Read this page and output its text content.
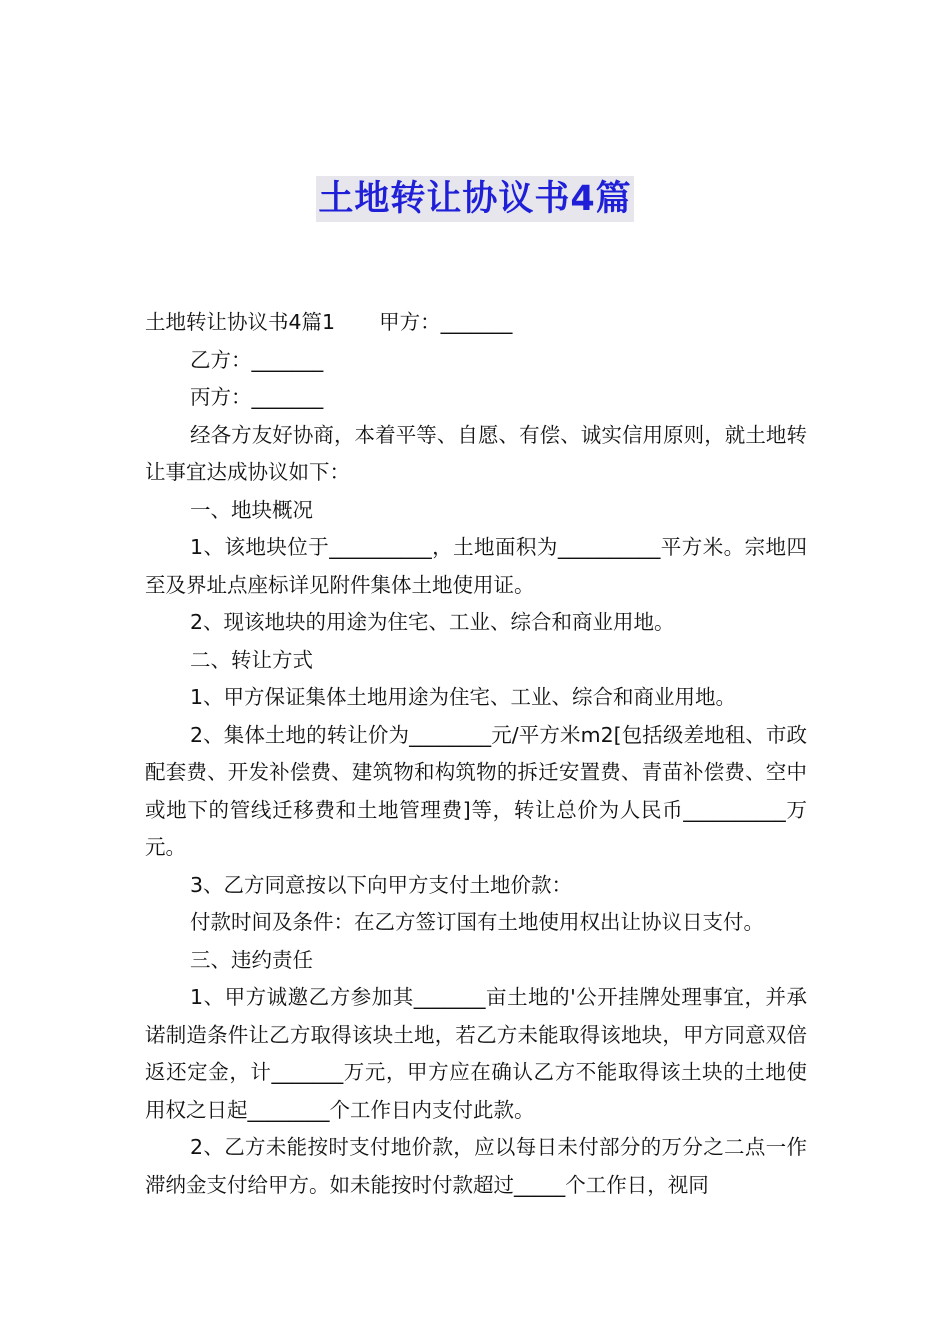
土地转让协议书4篇

土地转让协议书4篇1 甲方：_______

乙方：_______

丙方：_______

经各方友好协商，本着平等、自愿、有偿、诚实信用原则，就土地转让事宜达成协议如下：

一、地块概况

1、该地块位于__________，土地面积为__________平方米。宗地四至及界址点座标详见附件集体土地使用证。

2、现该地块的用途为住宅、工业、综合和商业用地。

二、转让方式

1、甲方保证集体土地用途为住宅、工业、综合和商业用地。

2、集体土地的转让价为________元/平方米m2[包括级差地租、市政配套费、开发补偿费、建筑物和构筑物的拆迁安置费、青苗补偿费、空中或地下的管线迁移费和土地管理费]等，转让总价为人民币__________万元。

3、乙方同意按以下向甲方支付土地价款：

付款时间及条件：在乙方签订国有土地使用权出让协议日支付。

三、违约责任

1、甲方诚邀乙方参加其_______亩土地的'公开挂牌处理事宜，并承诺制造条件让乙方取得该块土地，若乙方未能取得该地块，甲方同意双倍返还定金，计_______万元，甲方应在确认乙方不能取得该土块的土地使用权之日起________个工作日内支付此款。

2、乙方未能按时支付地价款，应以每日未付部分的万分之二点一作滞纳金支付给甲方。如未能按时付款超过_____个工作日，视同
